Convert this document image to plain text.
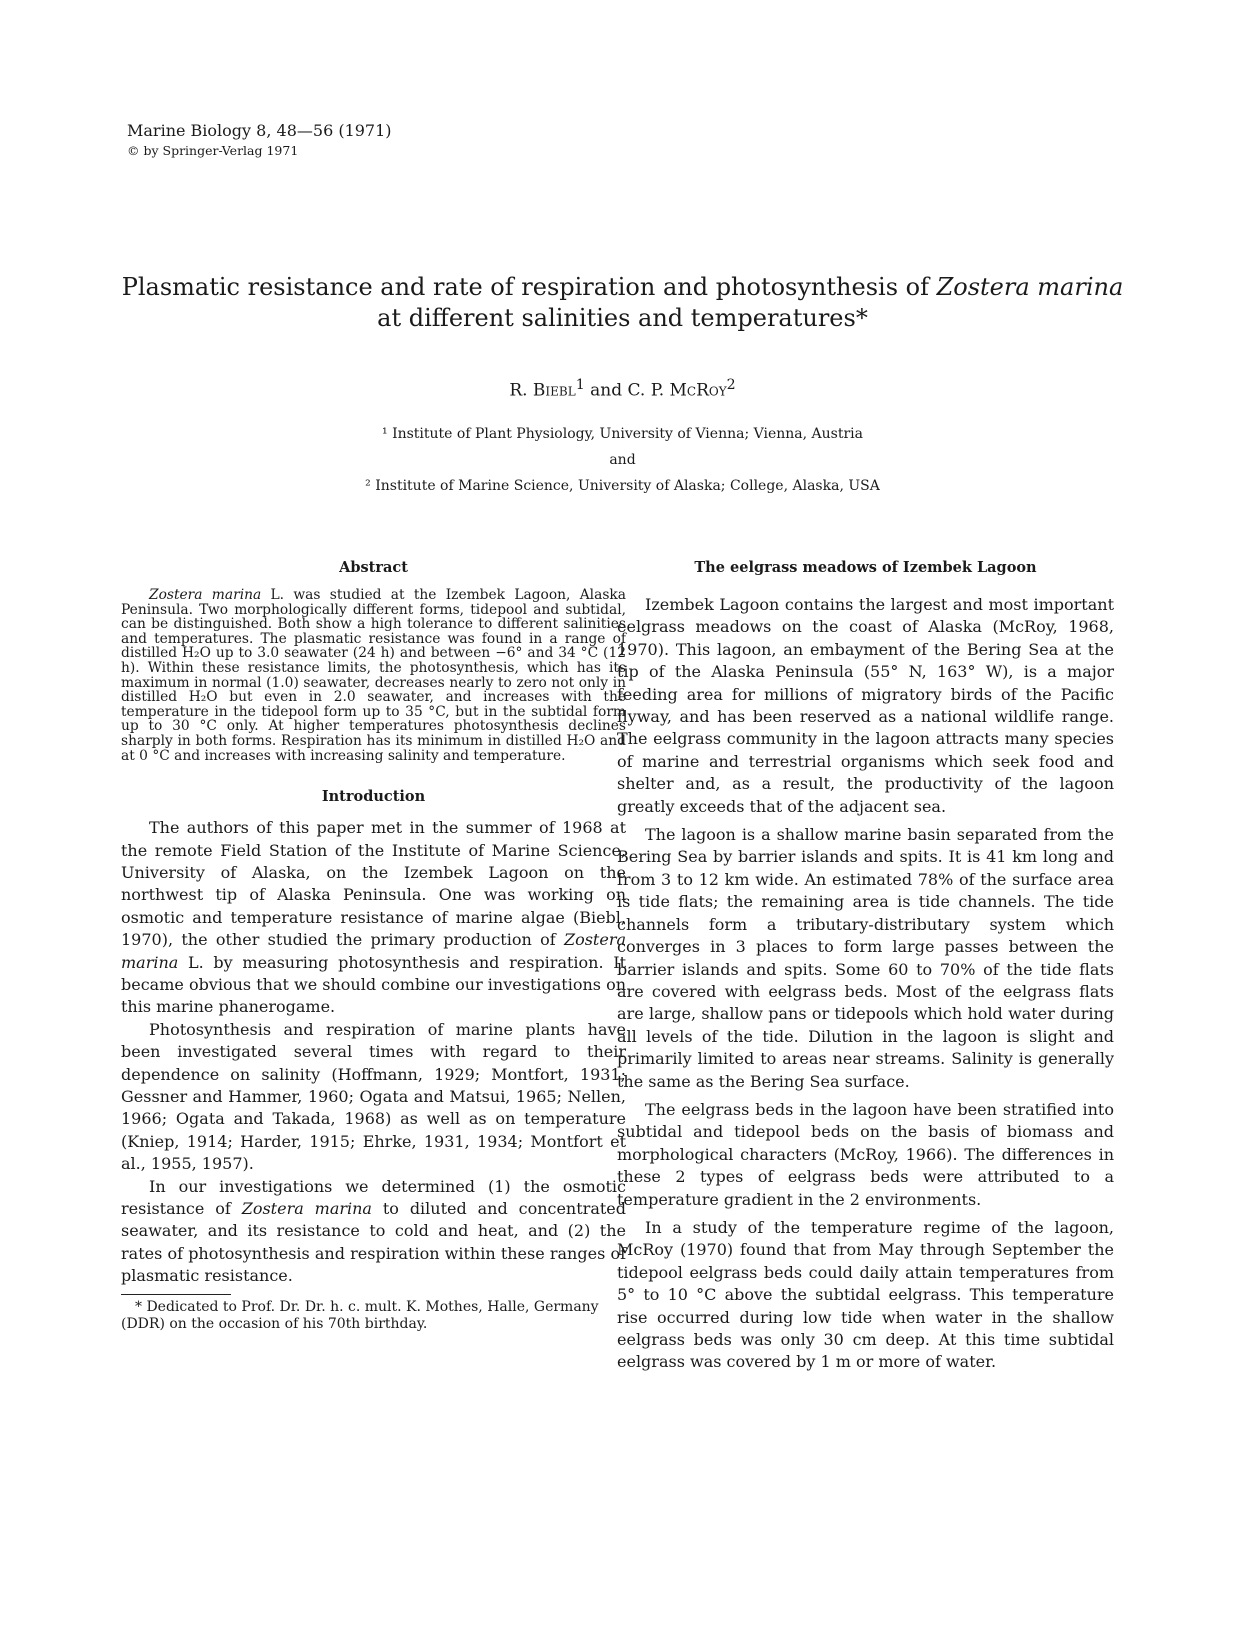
Marine Biology 8, 48—56 (1971)
© by Springer-Verlag 1971
Plasmatic resistance and rate of respiration and photosynthesis of Zostera marina
at different salinities and temperatures*
R. Biebl$^1$ and C. P. McRoy$^2$
¹ Institute of Plant Physiology, University of Vienna; Vienna, Austria
and
² Institute of Marine Science, University of Alaska; College, Alaska, USA
Abstract

Zostera marina L. was studied at the Izembek Lagoon, Alaska Peninsula. Two morphologically different forms, tidepool and subtidal, can be distinguished. Both show a high tolerance to different salinities and temperatures. The plasmatic resistance was found in a range of distilled H₂O up to 3.0 seawater (24 h) and between −6° and 34 °C (12 h). Within these resistance limits, the photosynthesis, which has its maximum in normal (1.0) seawater, decreases nearly to zero not only in distilled H₂O but even in 2.0 seawater, and increases with the temperature in the tidepool form up to 35 °C, but in the subtidal form up to 30 °C only. At higher temperatures photosynthesis declines sharply in both forms. Respiration has its minimum in distilled H₂O and at 0 °C and increases with increasing salinity and temperature.

Introduction

The authors of this paper met in the summer of 1968 at the remote Field Station of the Institute of Marine Science, University of Alaska, on the Izembek Lagoon on the northwest tip of Alaska Peninsula. One was working on osmotic and temperature resistance of marine algae (Biebl, 1970), the other studied the primary production of Zostera marina L. by measuring photosynthesis and respiration. It became obvious that we should combine our investigations on this marine phanerogame.

Photosynthesis and respiration of marine plants have been investigated several times with regard to their dependence on salinity (Hoffmann, 1929; Montfort, 1931; Gessner and Hammer, 1960; Ogata and Matsui, 1965; Nellen, 1966; Ogata and Takada, 1968) as well as on temperature (Kniep, 1914; Harder, 1915; Ehrke, 1931, 1934; Montfort et al., 1955, 1957).

In our investigations we determined (1) the osmotic resistance of Zostera marina to diluted and concentrated seawater, and its resistance to cold and heat, and (2) the rates of photosynthesis and respiration within these ranges of plasmatic resistance.

* Dedicated to Prof. Dr. Dr. h. c. mult. K. Mothes, Halle, Germany (DDR) on the occasion of his 70th birthday.

The eelgrass meadows of Izembek Lagoon

Izembek Lagoon contains the largest and most important eelgrass meadows on the coast of Alaska (McRoy, 1968, 1970). This lagoon, an embayment of the Bering Sea at the tip of the Alaska Peninsula (55° N, 163° W), is a major feeding area for millions of migratory birds of the Pacific flyway, and has been reserved as a national wildlife range. The eelgrass community in the lagoon attracts many species of marine and terrestrial organisms which seek food and shelter and, as a result, the productivity of the lagoon greatly exceeds that of the adjacent sea.

The lagoon is a shallow marine basin separated from the Bering Sea by barrier islands and spits. It is 41 km long and from 3 to 12 km wide. An estimated 78% of the surface area is tide flats; the remaining area is tide channels. The tide channels form a tributary-distributary system which converges in 3 places to form large passes between the barrier islands and spits. Some 60 to 70% of the tide flats are covered with eelgrass beds. Most of the eelgrass flats are large, shallow pans or tidepools which hold water during all levels of the tide. Dilution in the lagoon is slight and primarily limited to areas near streams. Salinity is generally the same as the Bering Sea surface.

The eelgrass beds in the lagoon have been stratified into subtidal and tidepool beds on the basis of biomass and morphological characters (McRoy, 1966). The differences in these 2 types of eelgrass beds were attributed to a temperature gradient in the 2 environments.

In a study of the temperature regime of the lagoon, McRoy (1970) found that from May through September the tidepool eelgrass beds could daily attain temperatures from 5° to 10 °C above the subtidal eelgrass. This temperature rise occurred during low tide when water in the shallow eelgrass beds was only 30 cm deep. At this time subtidal eelgrass was covered by 1 m or more of water.
